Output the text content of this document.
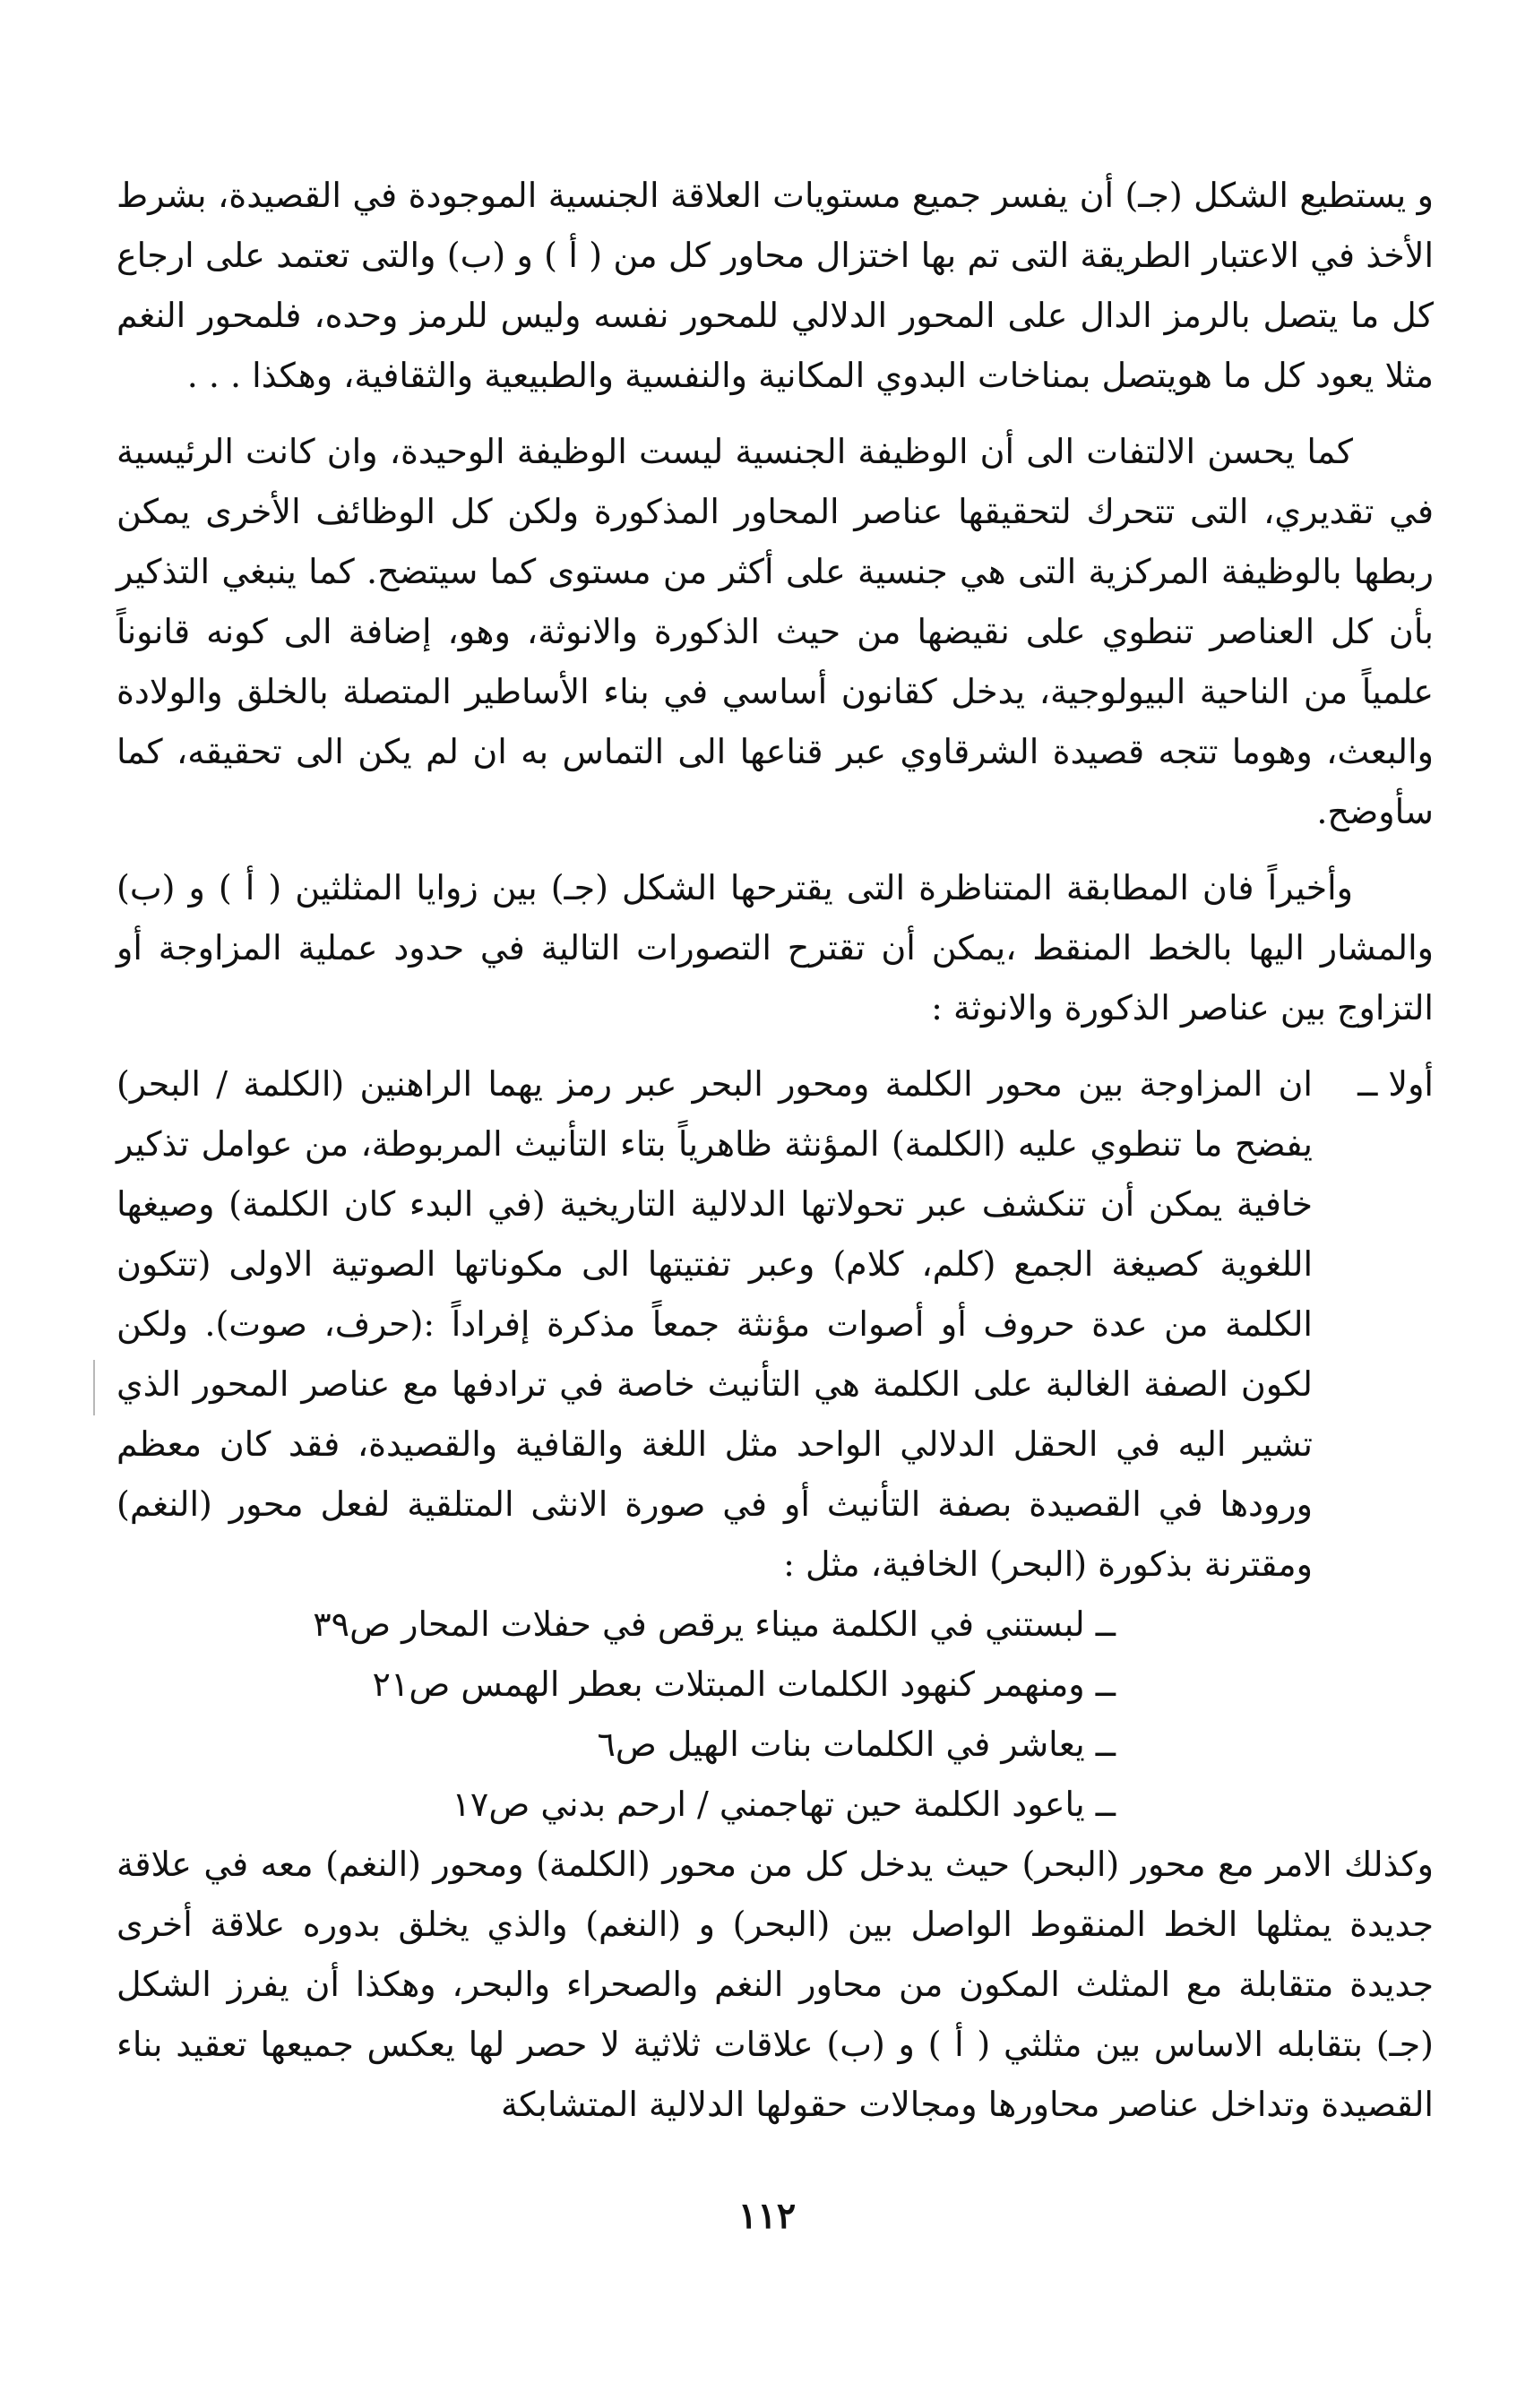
و يستطيع الشكل (جـ) أن يفسر جميع مستويات العلاقة الجنسية الموجودة في القصيدة، بشرط الأخذ في الاعتبار الطريقة التى تم بها اختزال محاور كل من ( أ ) و (ب) والتى تعتمد على ارجاع كل ما يتصل بالرمز الدال على المحور الدلالي للمحور نفسه وليس للرمز وحده، فلمحور النغم مثلا يعود كل ما هويتصل بمناخات البدوي المكانية والنفسية والطبيعية والثقافية، وهكذا . . .

كما يحسن الالتفات الى أن الوظيفة الجنسية ليست الوظيفة الوحيدة، وان كانت الرئيسية في تقديري، التى تتحرك لتحقيقها عناصر المحاور المذكورة ولكن كل الوظائف الأخرى يمكن ربطها بالوظيفة المركزية التى هي جنسية على أكثر من مستوى كما سيتضح. كما ينبغي التذكير بأن كل العناصر تنطوي على نقيضها من حيث الذكورة والانوثة، وهو، إضافة الى كونه قانوناً علمياً من الناحية البيولوجية، يدخل كقانون أساسي في بناء الأساطير المتصلة بالخلق والولادة والبعث، وهوما تتجه قصيدة الشرقاوي عبر قناعها الى التماس به ان لم يكن الى تحقيقه، كما سأوضح.

وأخيراً فان المطابقة المتناظرة التى يقترحها الشكل (جـ) بين زوايا المثلثين ( أ ) و (ب) والمشار اليها بالخط المنقط ،يمكن أن تقترح التصورات التالية في حدود عملية المزاوجة أو التزاوج بين عناصر الذكورة والانوثة :

أولا ــ

ان المزاوجة بين محور الكلمة ومحور البحر عبر رمز يهما الراهنين (الكلمة / البحر) يفضح ما تنطوي عليه (الكلمة) المؤنثة ظاهرياً بتاء التأنيث المربوطة، من عوامل تذكير خافية يمكن أن تنكشف عبر تحولاتها الدلالية التاريخية (في البدء كان الكلمة) وصيغها اللغوية كصيغة الجمع (كلم، كلام) وعبر تفتيتها الى مكوناتها الصوتية الاولى (تتكون الكلمة من عدة حروف أو أصوات مؤنثة جمعاً مذكرة إفراداً :(حرف، صوت). ولكن لكون الصفة الغالبة على الكلمة هي التأنيث خاصة في ترادفها مع عناصر المحور الذي تشير اليه في الحقل الدلالي الواحد مثل اللغة والقافية والقصيدة، فقد كان معظم ورودها في القصيدة بصفة التأنيث أو في صورة الانثى المتلقية لفعل محور (النغم) ومقترنة بذكورة (البحر) الخافية، مثل :

ــ لبستني في الكلمة ميناء يرقص في حفلات المحار ص٣٩
ــ ومنهمر كنهود الكلمات المبتلات بعطر الهمس ص٢١
ــ يعاشر في الكلمات بنات الهيل ص٦
ــ ياعود الكلمة حين تهاجمني / ارحم بدني ص١٧

وكذلك الامر مع محور (البحر) حيث يدخل كل من محور (الكلمة) ومحور (النغم) معه في علاقة جديدة يمثلها الخط المنقوط الواصل بين (البحر) و (النغم) والذي يخلق بدوره علاقة أخرى جديدة متقابلة مع المثلث المكون من محاور النغم والصحراء والبحر، وهكذا أن يفرز الشكل (جـ) بتقابله الاساس بين مثلثي ( أ ) و (ب) علاقات ثلاثية لا حصر لها يعكس جميعها تعقيد بناء القصيدة وتداخل عناصر محاورها ومجالات حقولها الدلالية المتشابكة

١١٢
